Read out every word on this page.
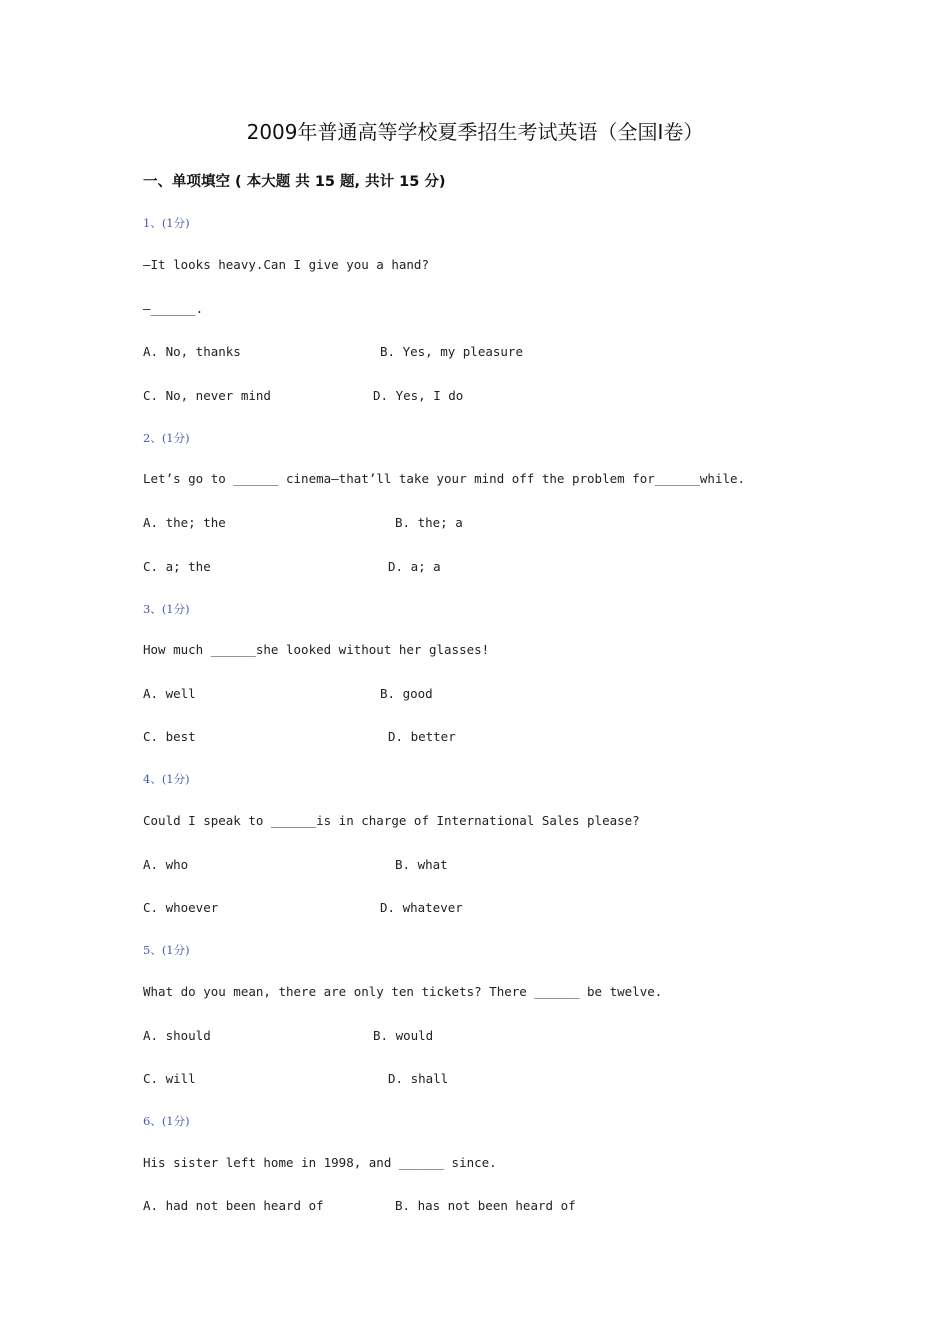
2009年普通高等学校夏季招生考试英语（全国Ⅰ卷）
一、单项填空 ( 本大题 共 15 题, 共计 15 分)
1、(1分)
—It looks heavy.Can I give you a hand?
—______.
A. No, thanks	B. Yes, my pleasure
C. No, never mind	D. Yes, I do
2、(1分)
Let’s go to ______ cinema—that’ll take your mind off the problem for______while.
A. the; the	B. the; a
C. a; the	D. a; a
3、(1分)
How much ______she looked without her glasses!
A. well	B. good
C. best	D. better
4、(1分)
Could I speak to ______is in charge of International Sales please?
A. who	B. what
C. whoever	D. whatever
5、(1分)
What do you mean, there are only ten tickets? There ______ be twelve.
A. should	B. would
C. will	D. shall
6、(1分)
His sister left home in 1998, and ______ since.
A. had not been heard of	B. has not been heard of
